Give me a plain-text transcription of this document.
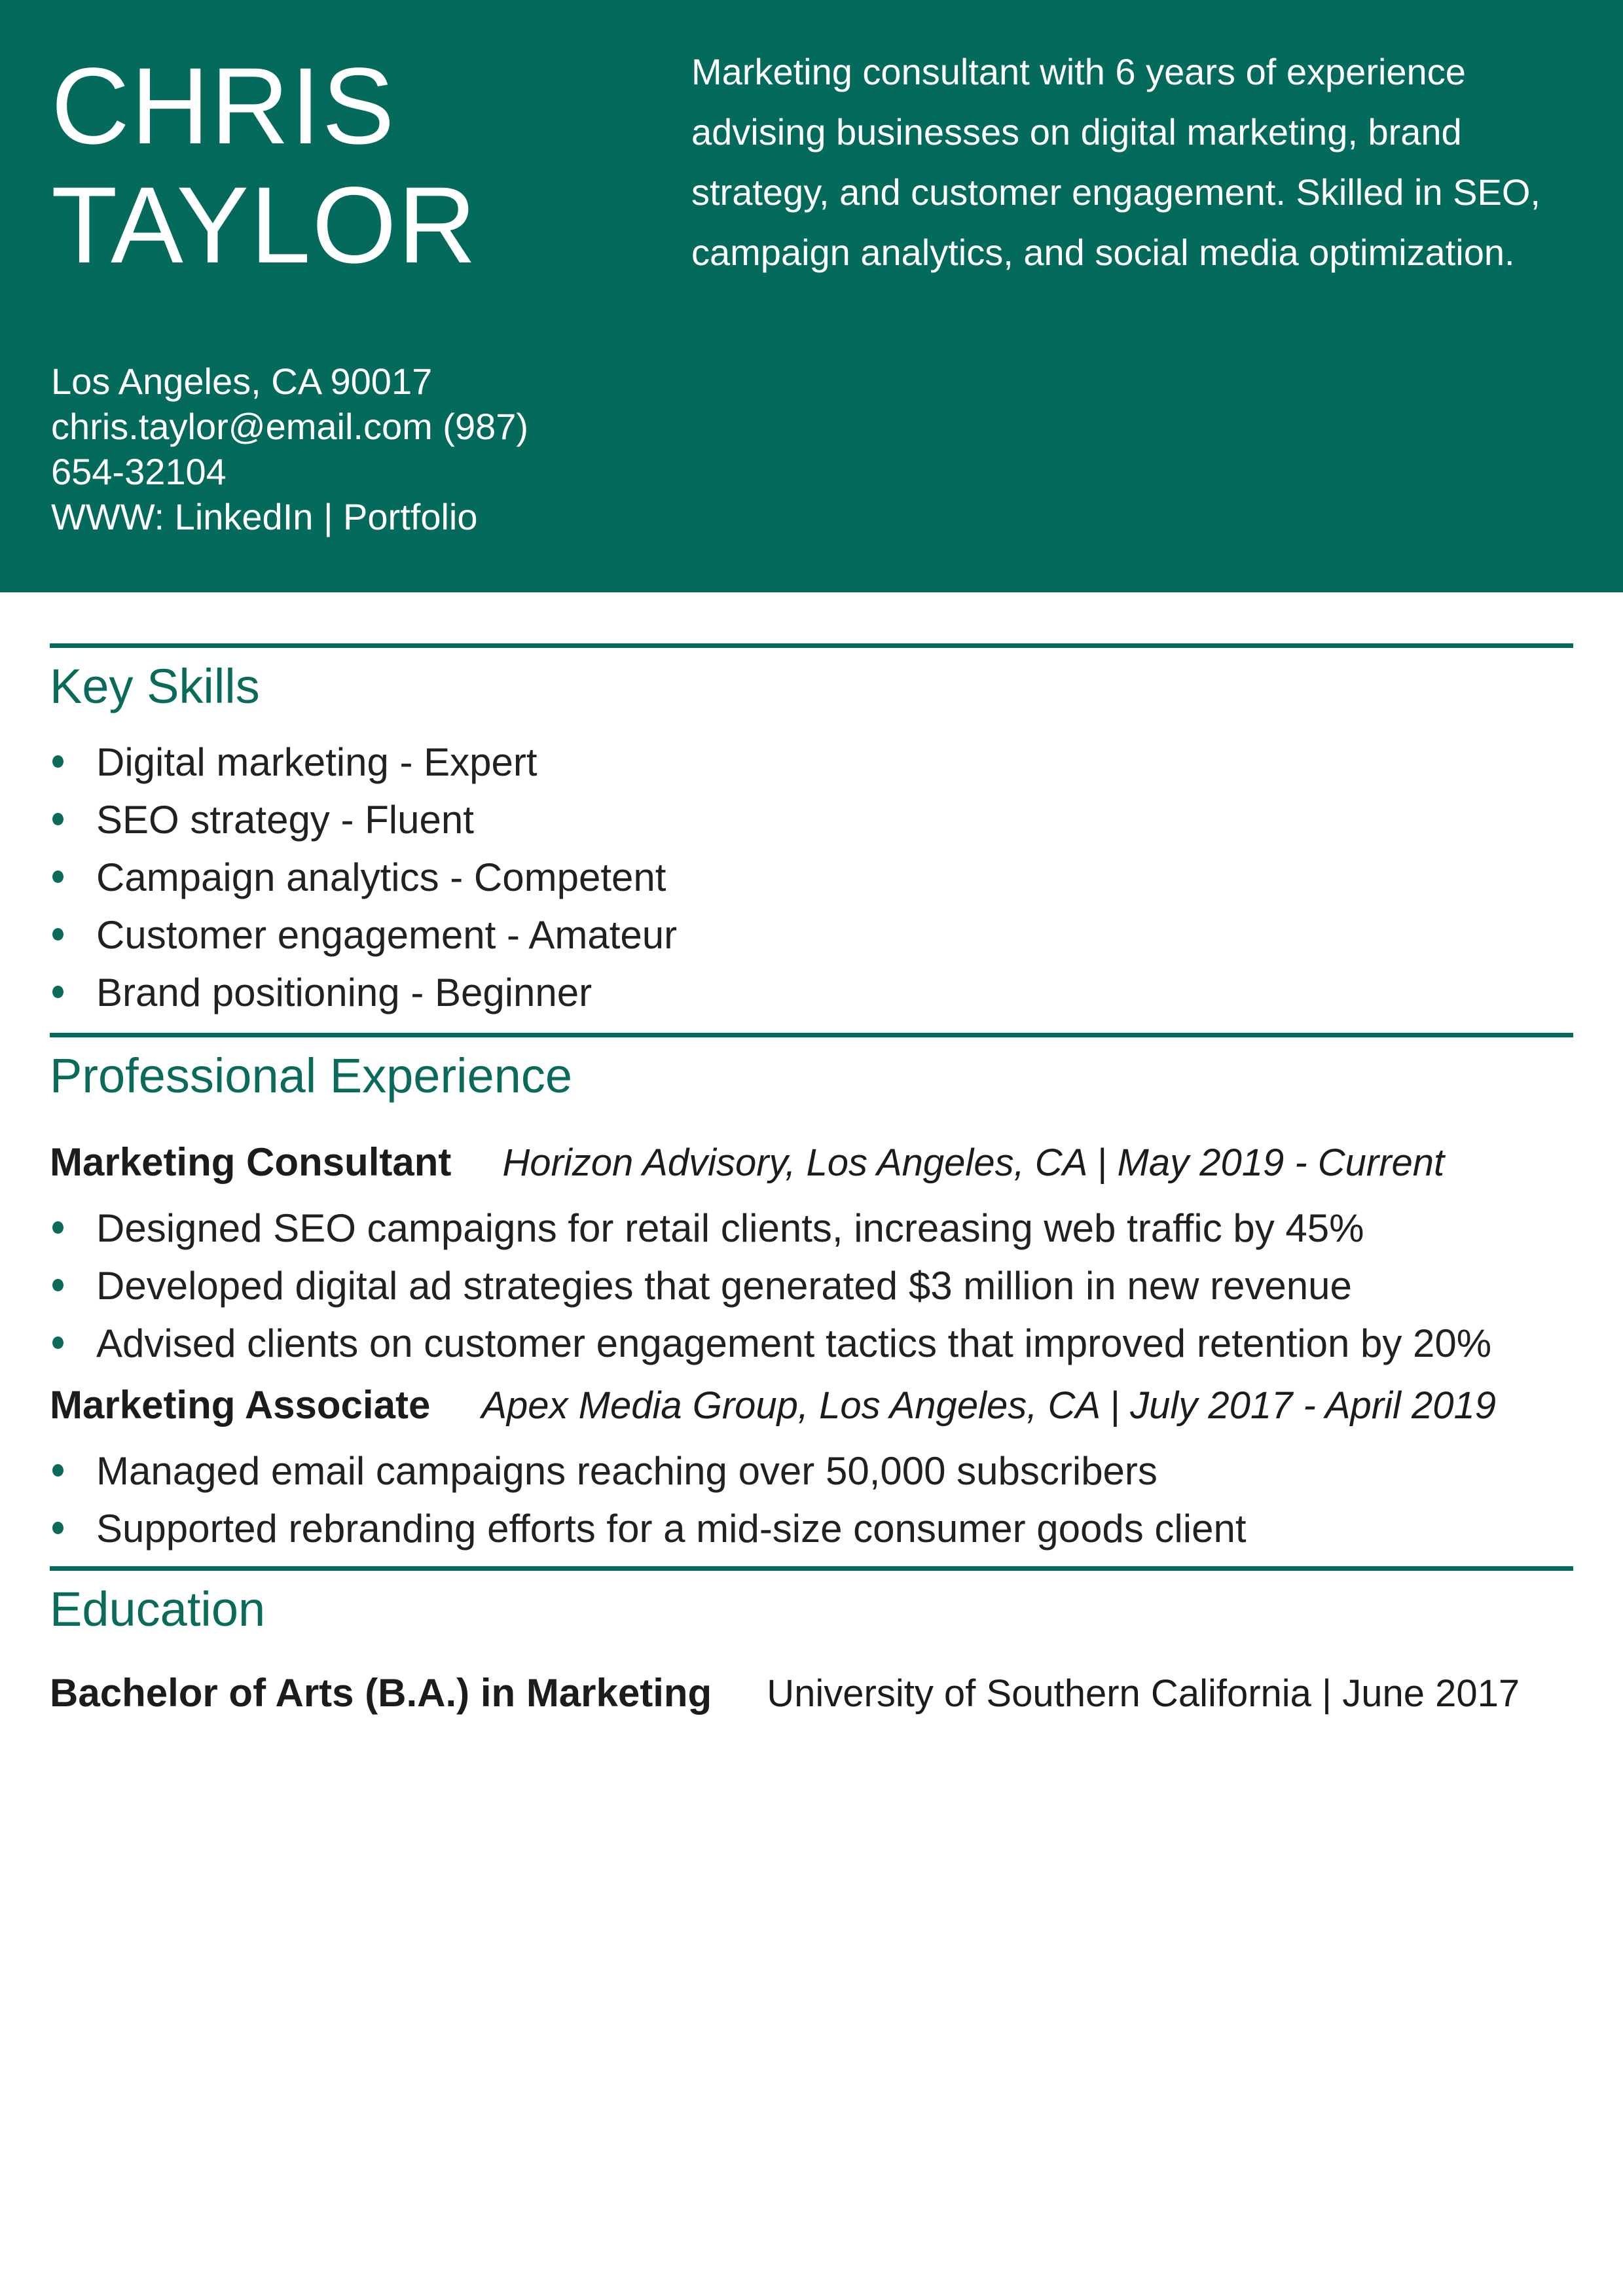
CHRIS
TAYLOR
Marketing consultant with 6 years of experience advising businesses on digital marketing, brand strategy, and customer engagement. Skilled in SEO, campaign analytics, and social media optimization.
Los Angeles, CA 90017
chris.taylor@email.com (987)
654-32104
WWW: LinkedIn | Portfolio
Key Skills
Digital marketing - Expert
SEO strategy - Fluent
Campaign analytics - Competent
Customer engagement - Amateur
Brand positioning - Beginner
Professional Experience
Marketing Consultant Horizon Advisory, Los Angeles, CA | May 2019 - Current
Designed SEO campaigns for retail clients, increasing web traffic by 45%
Developed digital ad strategies that generated $3 million in new revenue
Advised clients on customer engagement tactics that improved retention by 20%
Marketing Associate Apex Media Group, Los Angeles, CA | July 2017 - April 2019
Managed email campaigns reaching over 50,000 subscribers
Supported rebranding efforts for a mid-size consumer goods client
Education
Bachelor of Arts (B.A.) in Marketing University of Southern California | June 2017
